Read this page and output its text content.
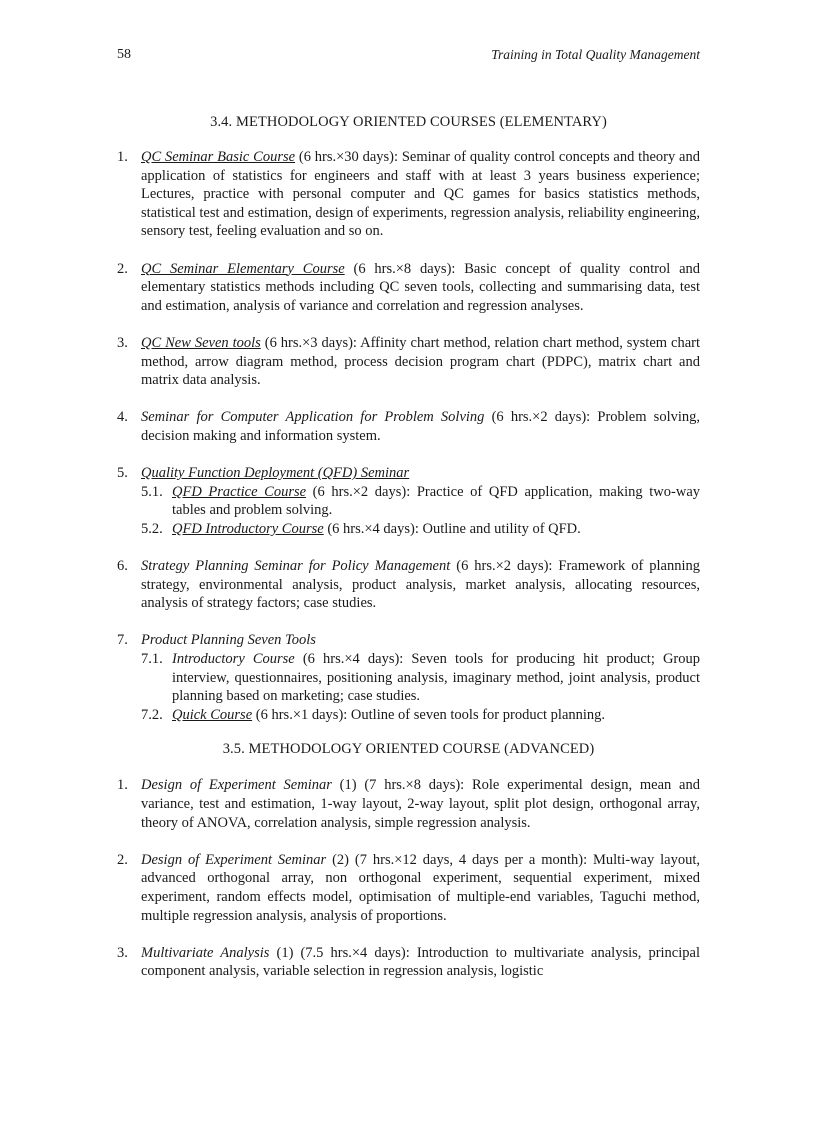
58	Training in Total Quality Management
3.4. METHODOLOGY ORIENTED COURSES (ELEMENTARY)
1. QC Seminar Basic Course (6 hrs.×30 days): Seminar of quality control concepts and theory and application of statistics for engineers and staff with at least 3 years business experience; Lectures, practice with personal computer and QC games for basics statistics methods, statistical test and estimation, design of experiments, regression analysis, reliability engineering, sensory test, feeling evaluation and so on.
2. QC Seminar Elementary Course (6 hrs.×8 days): Basic concept of quality control and elementary statistics methods including QC seven tools, collecting and summarising data, test and estimation, analysis of variance and correlation and regression analyses.
3. QC New Seven tools (6 hrs.×3 days): Affinity chart method, relation chart method, system chart method, arrow diagram method, process decision program chart (PDPC), matrix chart and matrix data analysis.
4. Seminar for Computer Application for Problem Solving (6 hrs.×2 days): Problem solving, decision making and information system.
5. Quality Function Deployment (QFD) Seminar
5.1. QFD Practice Course (6 hrs.×2 days): Practice of QFD application, making two-way tables and problem solving.
5.2. QFD Introductory Course (6 hrs.×4 days): Outline and utility of QFD.
6. Strategy Planning Seminar for Policy Management (6 hrs.×2 days): Framework of planning strategy, environmental analysis, product analysis, market analysis, allocating resources, analysis of strategy factors; case studies.
7. Product Planning Seven Tools
7.1. Introductory Course (6 hrs.×4 days): Seven tools for producing hit product; Group interview, questionnaires, positioning analysis, imaginary method, joint analysis, product planning based on marketing; case studies.
7.2. Quick Course (6 hrs.×1 days): Outline of seven tools for product planning.
3.5. METHODOLOGY ORIENTED COURSE (ADVANCED)
1. Design of Experiment Seminar (1) (7 hrs.×8 days): Role experimental design, mean and variance, test and estimation, 1-way layout, 2-way layout, split plot design, orthogonal array, theory of ANOVA, correlation analysis, simple regression analysis.
2. Design of Experiment Seminar (2) (7 hrs.×12 days, 4 days per a month): Multi-way layout, advanced orthogonal array, non orthogonal experiment, sequential experiment, mixed experiment, random effects model, optimisation of multiple-end variables, Taguchi method, multiple regression analysis, analysis of proportions.
3. Multivariate Analysis (1) (7.5 hrs.×4 days): Introduction to multivariate analysis, principal component analysis, variable selection in regression analysis, logistic
